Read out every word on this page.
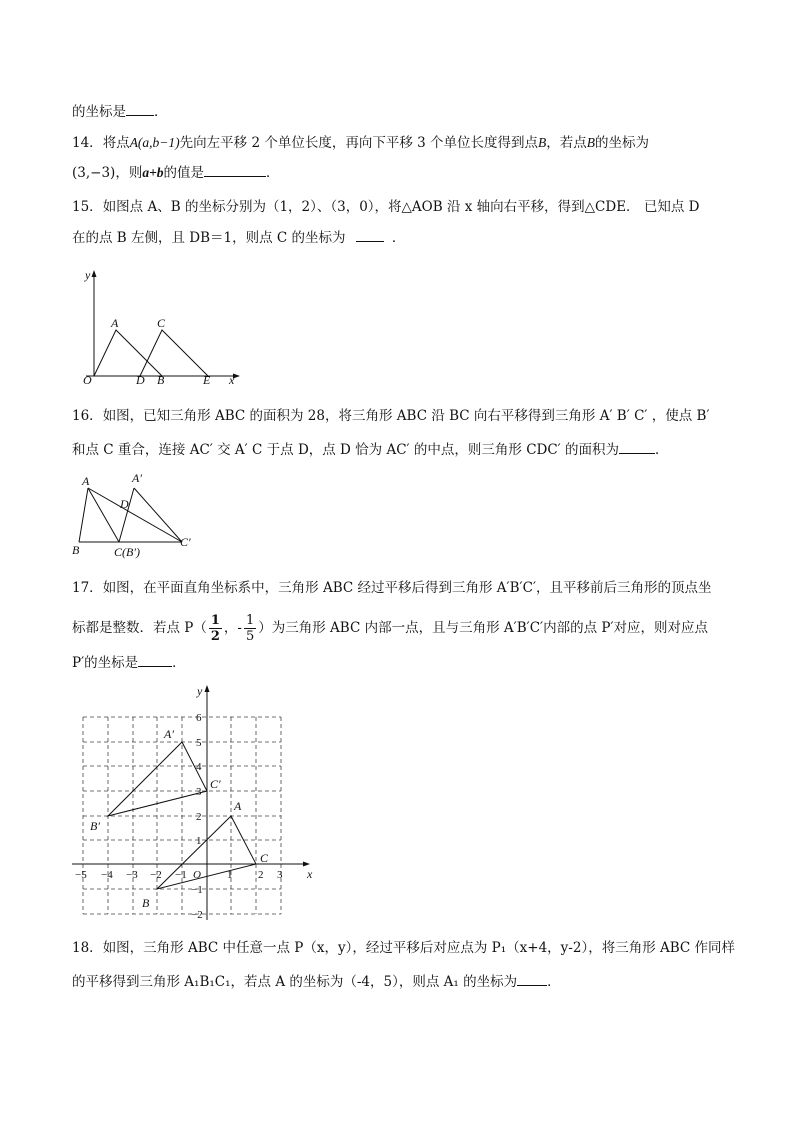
的坐标是 ．
14．将点A(a,b−1)先向左平移 2 个单位长度，再向下平移 3 个单位长度得到点B，若点B的坐标为
(3,−3)，则a+b的值是	．
15．如图点 A、B 的坐标分别为（1，2）、（3，0），将△AOB 沿 x 轴向右平移，得到△CDE． 已知点 D
在的点 B 左侧，且 DB＝1，则点 C 的坐标为	．
y
A	C
O	D B	E x
16．如图，已知三角形 ABC 的面积为 28，将三角形 ABC 沿 BC 向右平移得到三角形 A′ B′ C′ ，使点 B′
和点 C 重合，连接 AC′ 交 A′ C 于点 D，点 D 恰为 AC′ 的中点，则三角形 CDC′ 的面积为	．
A	A′
D
B	C(B′)
C′
17．如图，在平面直角坐标系中，三角形 ABC 经过平移后得到三角形 A′B′C′，且平移前后三角形的顶点坐
标都是整数．若点 $P( \frac{1}{2}$ ，- $\frac{1}{5}$ ）为三角形 ABC 内部一点，且与三角形 A′B′C′内部的点 P′对应，则对应点
P′的坐标是	．
−5 −4 −3 −2 −1 O 1 2 3
6
5
4
3
2
1
−1
−2
A′
B′
C′
A
B
C
x
y
18．如图，三角形 ABC 中任意一点 P（x，y），经过平移后对应点为 P₁（x+4，y-2），将三角形 ABC 作同样
的平移得到三角形 A₁B₁C₁，若点 A 的坐标为（-4，5），则点 A₁ 的坐标为 ．
